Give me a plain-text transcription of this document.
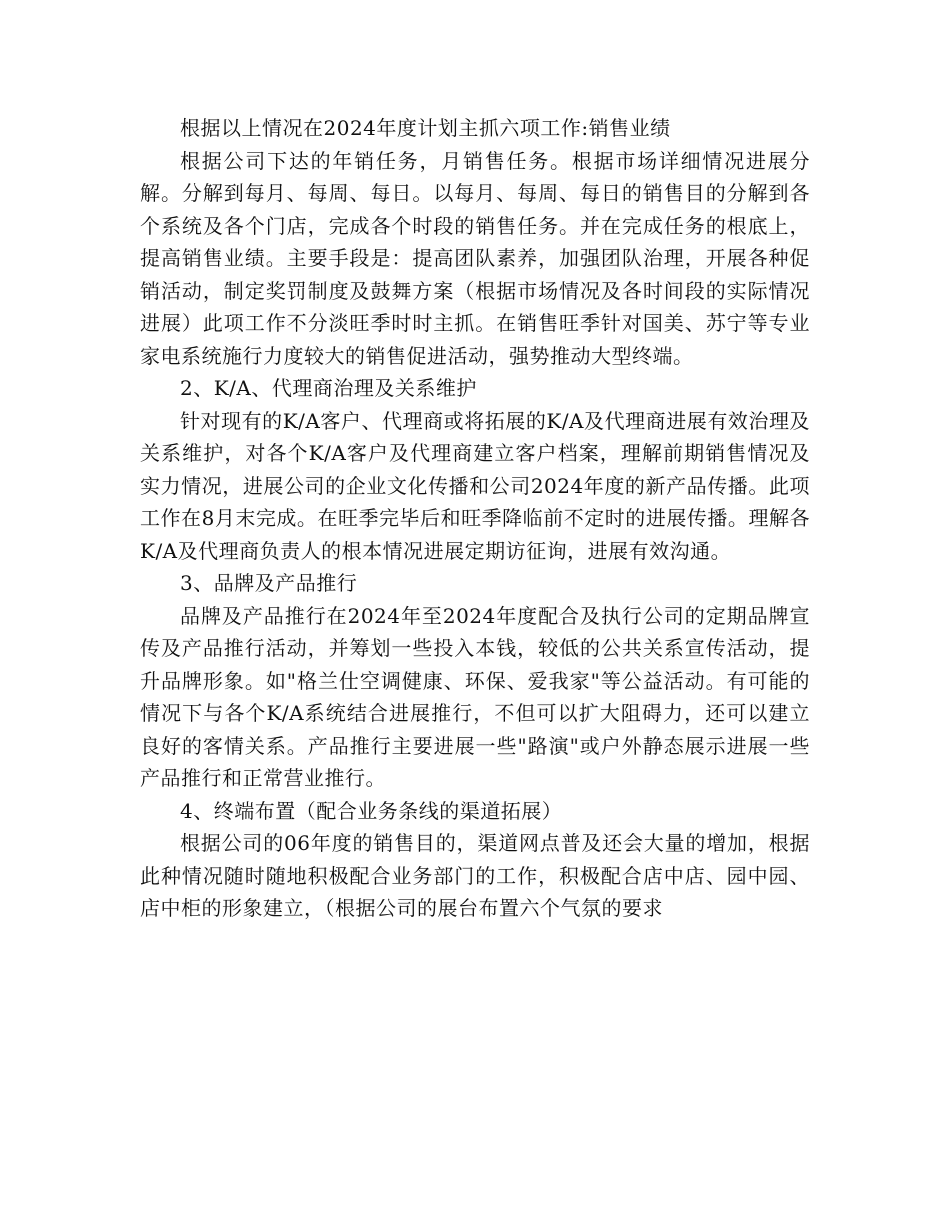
根据以上情况在2024年度计划主抓六项工作:销售业绩

根据公司下达的年销任务，月销售任务。根据市场详细情况进展分解。分解到每月、每周、每日。以每月、每周、每日的销售目的分解到各个系统及各个门店，完成各个时段的销售任务。并在完成任务的根底上，提高销售业绩。主要手段是：提高团队素养，加强团队治理，开展各种促销活动，制定奖罚制度及鼓舞方案（根据市场情况及各时间段的实际情况进展）此项工作不分淡旺季时时主抓。在销售旺季针对国美、苏宁等专业家电系统施行力度较大的销售促进活动，强势推动大型终端。

2、K/A、代理商治理及关系维护

针对现有的K/A客户、代理商或将拓展的K/A及代理商进展有效治理及关系维护，对各个K/A客户及代理商建立客户档案，理解前期销售情况及实力情况，进展公司的企业文化传播和公司2024年度的新产品传播。此项工作在8月末完成。在旺季完毕后和旺季降临前不定时的进展传播。理解各K/A及代理商负责人的根本情况进展定期访征询，进展有效沟通。

3、品牌及产品推行

品牌及产品推行在2024年至2024年度配合及执行公司的定期品牌宣传及产品推行活动，并筹划一些投入本钱，较低的公共关系宣传活动，提升品牌形象。如"格兰仕空调健康、环保、爱我家"等公益活动。有可能的情况下与各个K/A系统结合进展推行，不但可以扩大阻碍力，还可以建立良好的客情关系。产品推行主要进展一些"路演"或户外静态展示进展一些产品推行和正常营业推行。

4、终端布置（配合业务条线的渠道拓展）

根据公司的06年度的销售目的，渠道网点普及还会大量的增加，根据此种情况随时随地积极配合业务部门的工作，积极配合店中店、园中园、店中柜的形象建立，（根据公司的展台布置六个气氛的要求
